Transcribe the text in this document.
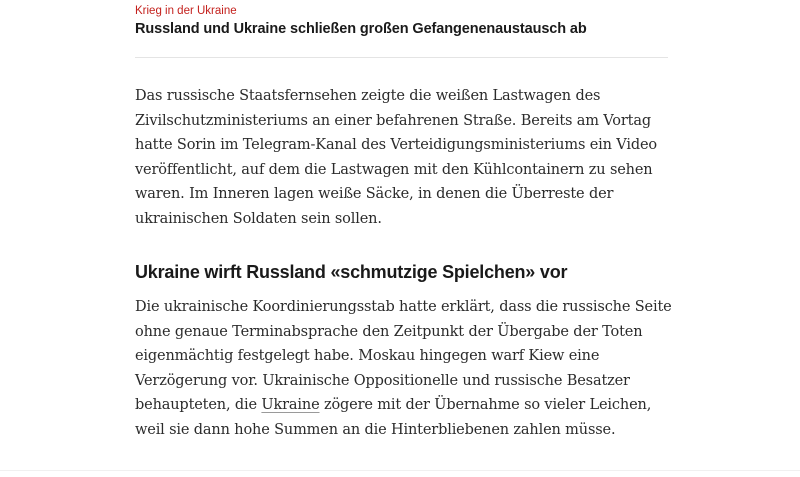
Krieg in der Ukraine

Russland und Ukraine schließen großen Gefangenenaustausch ab

Das russische Staatsfernsehen zeigte die weißen Lastwagen des Zivilschutzministeriums an einer befahrenen Straße. Bereits am Vortag hatte Sorin im Telegram-Kanal des Verteidigungsministeriums ein Video veröffentlicht, auf dem die Lastwagen mit den Kühlcontainern zu sehen waren. Im Inneren lagen weiße Säcke, in denen die Überreste der ukrainischen Soldaten sein sollen.

Ukraine wirft Russland «schmutzige Spielchen» vor

Die ukrainische Koordinierungsstab hatte erklärt, dass die russische Seite ohne genaue Terminabsprache den Zeitpunkt der Übergabe der Toten eigenmächtig festgelegt habe. Moskau hingegen warf Kiew eine Verzögerung vor. Ukrainische Oppositionelle und russische Besatzer behaupteten, die Ukraine zögere mit der Übernahme so vieler Leichen, weil sie dann hohe Summen an die Hinterbliebenen zahlen müsse.
